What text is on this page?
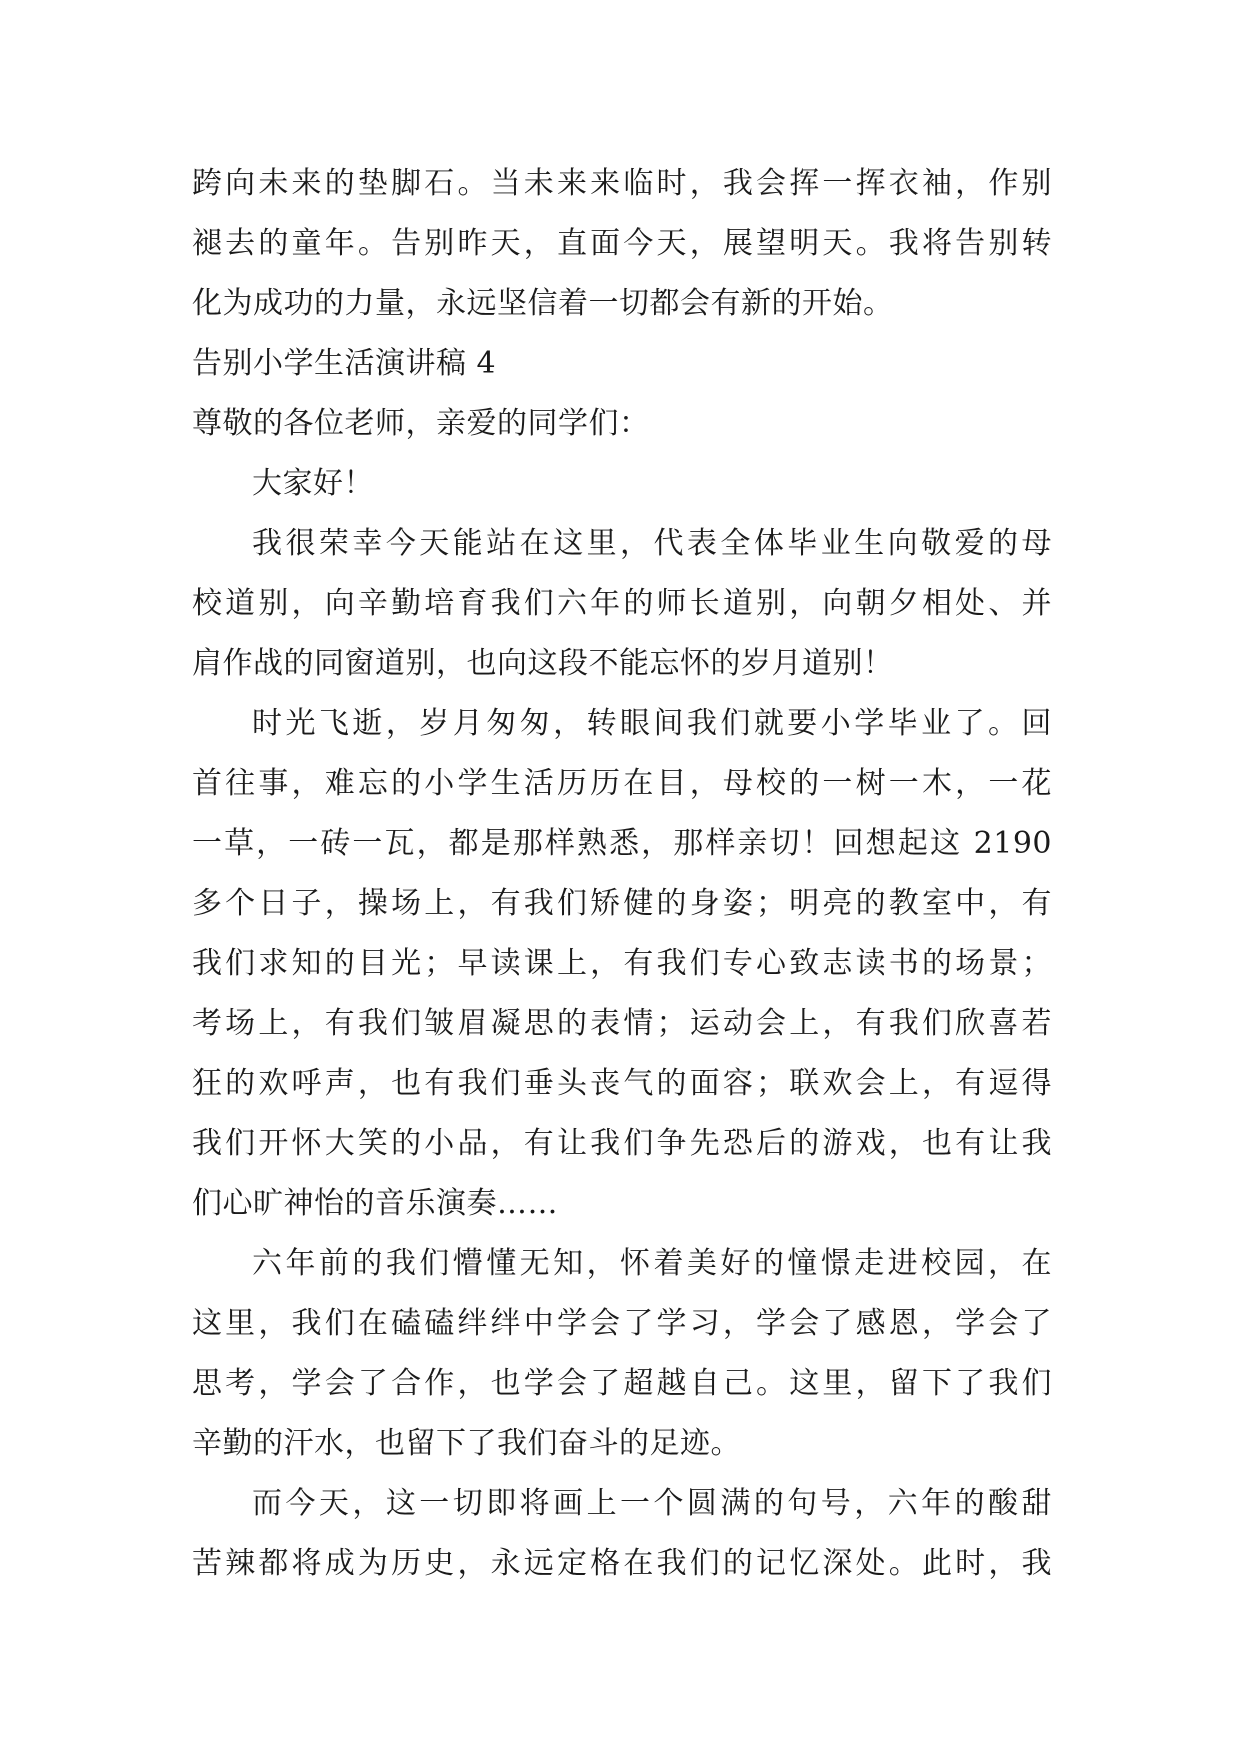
跨向未来的垫脚石。当未来来临时，我会挥一挥衣袖，作别
褪去的童年。告别昨天，直面今天，展望明天。我将告别转
化为成功的力量，永远坚信着一切都会有新的开始。
告别小学生活演讲稿 4
尊敬的各位老师，亲爱的同学们：
大家好！
我很荣幸今天能站在这里，代表全体毕业生向敬爱的母
校道别，向辛勤培育我们六年的师长道别，向朝夕相处、并
肩作战的同窗道别，也向这段不能忘怀的岁月道别！
时光飞逝，岁月匆匆，转眼间我们就要小学毕业了。回
首往事，难忘的小学生活历历在目，母校的一树一木，一花
一草，一砖一瓦，都是那样熟悉，那样亲切！回想起这 2190
多个日子，操场上，有我们矫健的身姿；明亮的教室中，有
我们求知的目光；早读课上，有我们专心致志读书的场景；
考场上，有我们皱眉凝思的表情；运动会上，有我们欣喜若
狂的欢呼声，也有我们垂头丧气的面容；联欢会上，有逗得
我们开怀大笑的小品，有让我们争先恐后的游戏，也有让我
们心旷神怡的音乐演奏……
六年前的我们懵懂无知，怀着美好的憧憬走进校园，在
这里，我们在磕磕绊绊中学会了学习，学会了感恩，学会了
思考，学会了合作，也学会了超越自己。这里，留下了我们
辛勤的汗水，也留下了我们奋斗的足迹。
而今天，这一切即将画上一个圆满的句号，六年的酸甜
苦辣都将成为历史，永远定格在我们的记忆深处。此时，我
